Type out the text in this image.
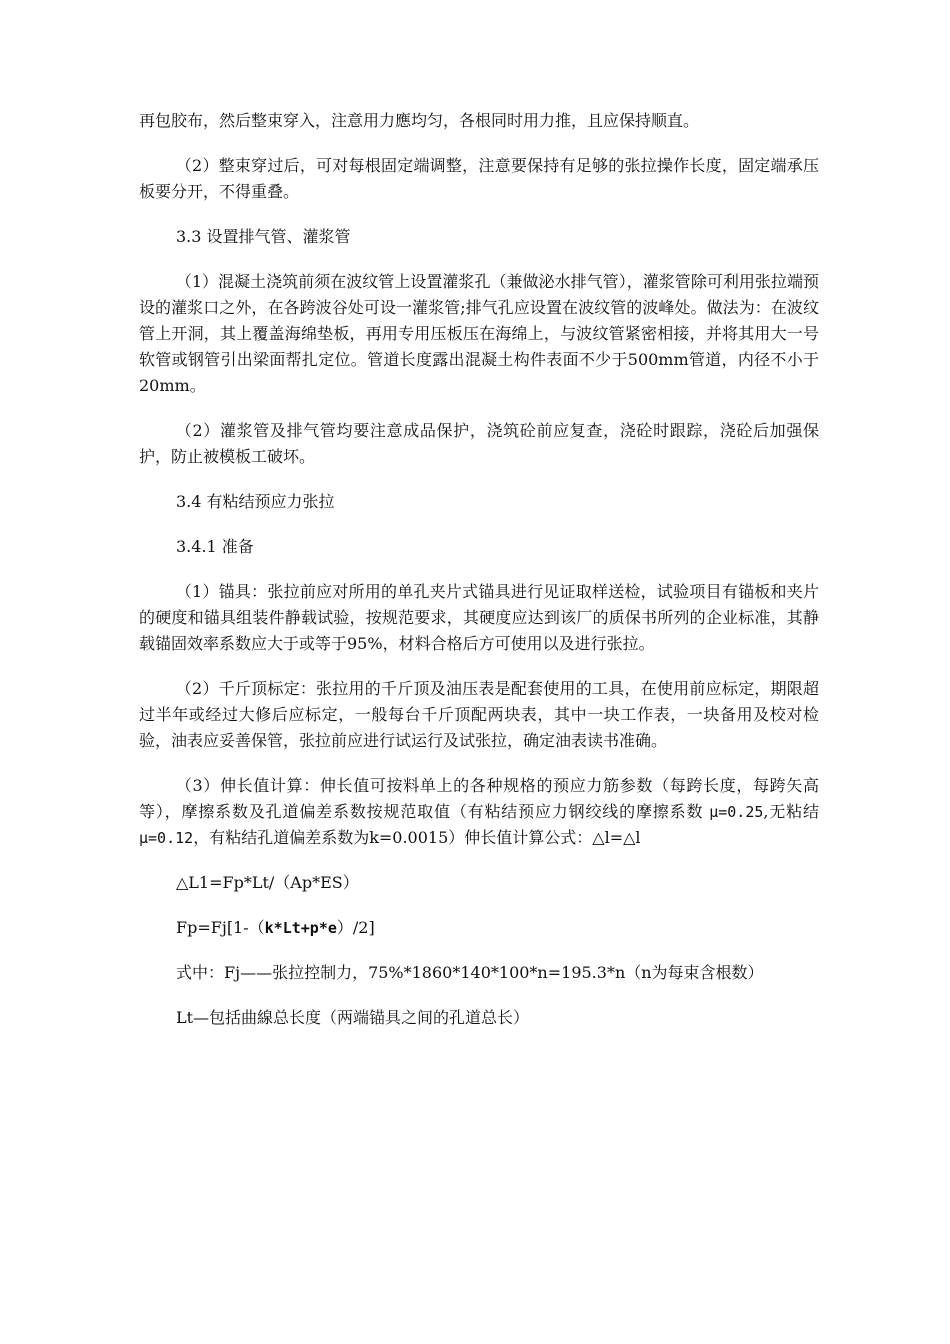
再包胶布，然后整束穿入，注意用力應均匀，各根同时用力推，且应保持顺直。

（2）整束穿过后，可对每根固定端调整，注意要保持有足够的张拉操作长度，固定端承压板要分开，不得重叠。

3.3 设置排气管、灌浆管

（1）混凝土浇筑前须在波纹管上设置灌浆孔（兼做泌水排气管），灌浆管除可利用张拉端预设的灌浆口之外，在各跨波谷处可设一灌浆管;排气孔应设置在波纹管的波峰处。做法为：在波纹管上开洞，其上覆盖海绵垫板，再用专用压板压在海绵上，与波纹管紧密相接，并将其用大一号软管或钢管引出梁面帮扎定位。管道长度露出混凝土构件表面不少于500mm管道，内径不小于20mm。

（2）灌浆管及排气管均要注意成品保护，浇筑砼前应复查，浇砼时跟踪，浇砼后加强保护，防止被模板工破坏。

3.4 有粘结预应力张拉

3.4.1 准备

（1）锚具：张拉前应对所用的单孔夹片式锚具进行见证取样送检，试验项目有锚板和夹片的硬度和锚具组装件静载试验，按规范要求，其硬度应达到该厂的质保书所列的企业标准，其静载锚固效率系数应大于或等于95%，材料合格后方可使用以及进行张拉。

（2）千斤顶标定：张拉用的千斤顶及油压表是配套使用的工具，在使用前应标定，期限超过半年或经过大修后应标定，一般每台千斤顶配两块表，其中一块工作表，一块备用及校对检验，油表应妥善保管，张拉前应进行试运行及试张拉，确定油表读书准确。

（3）伸长值计算：伸长值可按料单上的各种规格的预应力筋参数（每跨长度，每跨矢高等），摩擦系数及孔道偏差系数按规范取值（有粘结预应力钢绞线的摩擦系数 μ=0.25,无粘结 μ=0.12，有粘结孔道偏差系数为k=0.0015）伸长值计算公式：△l=△l

△L1=Fp*Lt/（Ap*ES）

Fp=Fj[1-（k*Lt+p*e）/2]

式中：Fj——张拉控制力，75%*1860*140*100*n=195.3*n（n为每束含根数）

Lt—包括曲線总长度（两端锚具之间的孔道总长）
